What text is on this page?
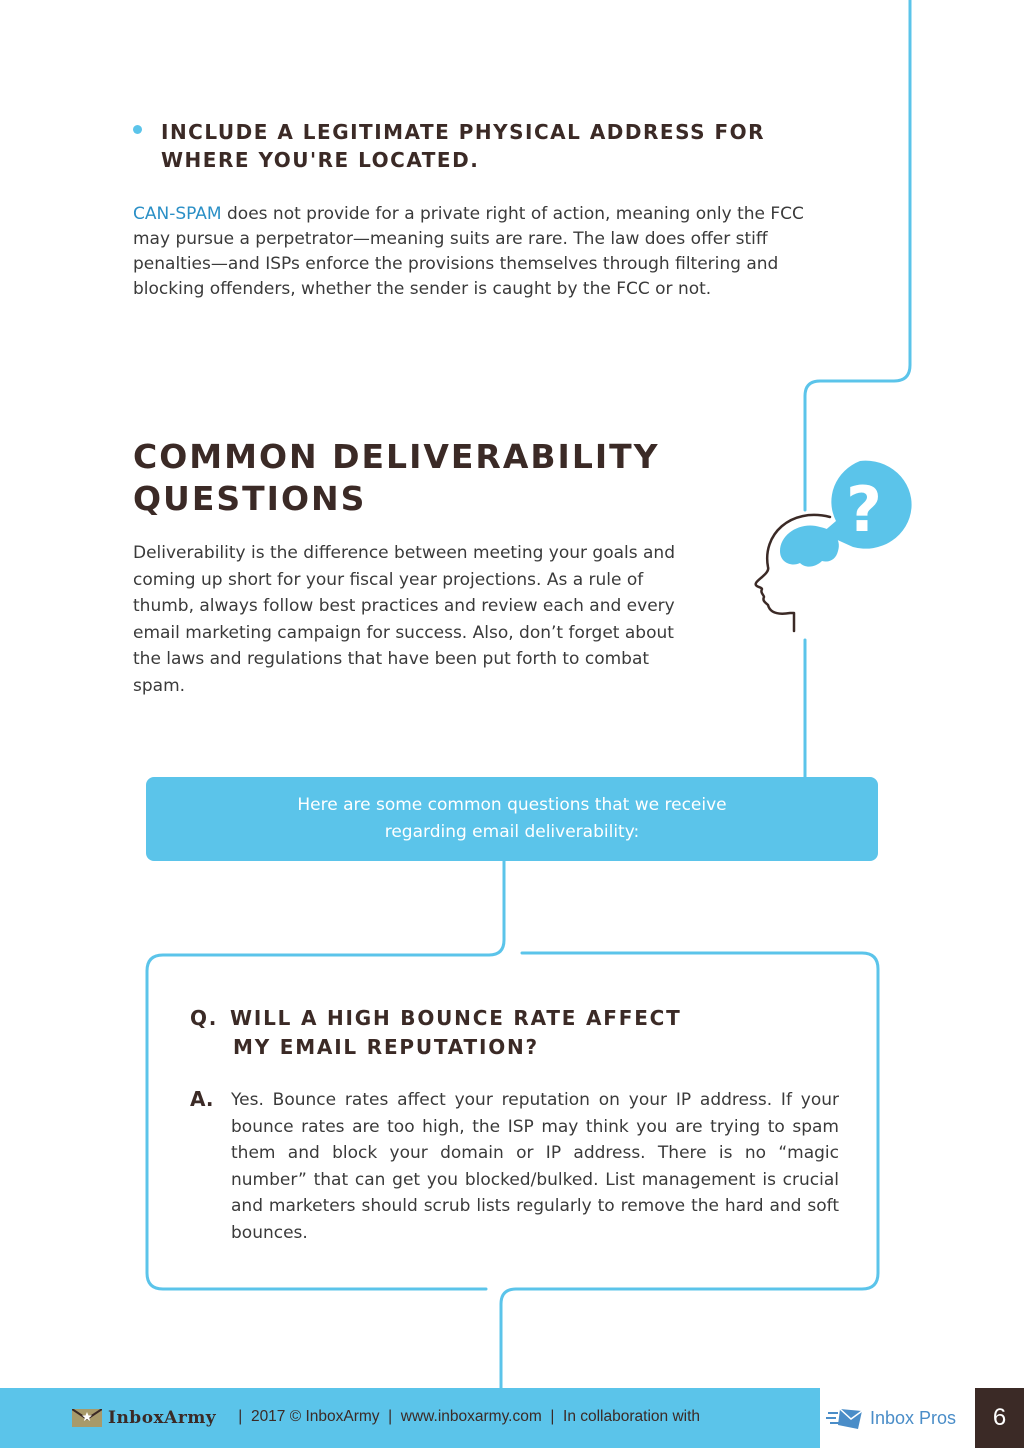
INCLUDE A LEGITIMATE PHYSICAL ADDRESS FOR
WHERE YOU'RE LOCATED.

CAN-SPAM does not provide for a private right of action, meaning only the FCC may pursue a perpetrator—meaning suits are rare. The law does offer stiff penalties—and ISPs enforce the provisions themselves through filtering and blocking offenders, whether the sender is caught by the FCC or not.

COMMON DELIVERABILITY
QUESTIONS

Deliverability is the difference between meeting your goals and coming up short for your fiscal year projections. As a rule of thumb, always follow best practices and review each and every email marketing campaign for success. Also, don’t forget about the laws and regulations that have been put forth to combat spam.

?
Here are some common questions that we receive regarding email deliverability:
Q. WILL A HIGH BOUNCE RATE AFFECT
MY EMAIL REPUTATION?
A. Yes. Bounce rates affect your reputation on your IP address. If your bounce rates are too high, the ISP may think you are trying to spam them and block your domain or IP address. There is no “magic number” that can get you blocked/bulked. List management is crucial and marketers should scrub lists regularly to remove the hard and soft bounces.

InboxArmy |  2017 © InboxArmy  |  www.inboxarmy.com  |  In collaboration with	Inbox Pros	6
